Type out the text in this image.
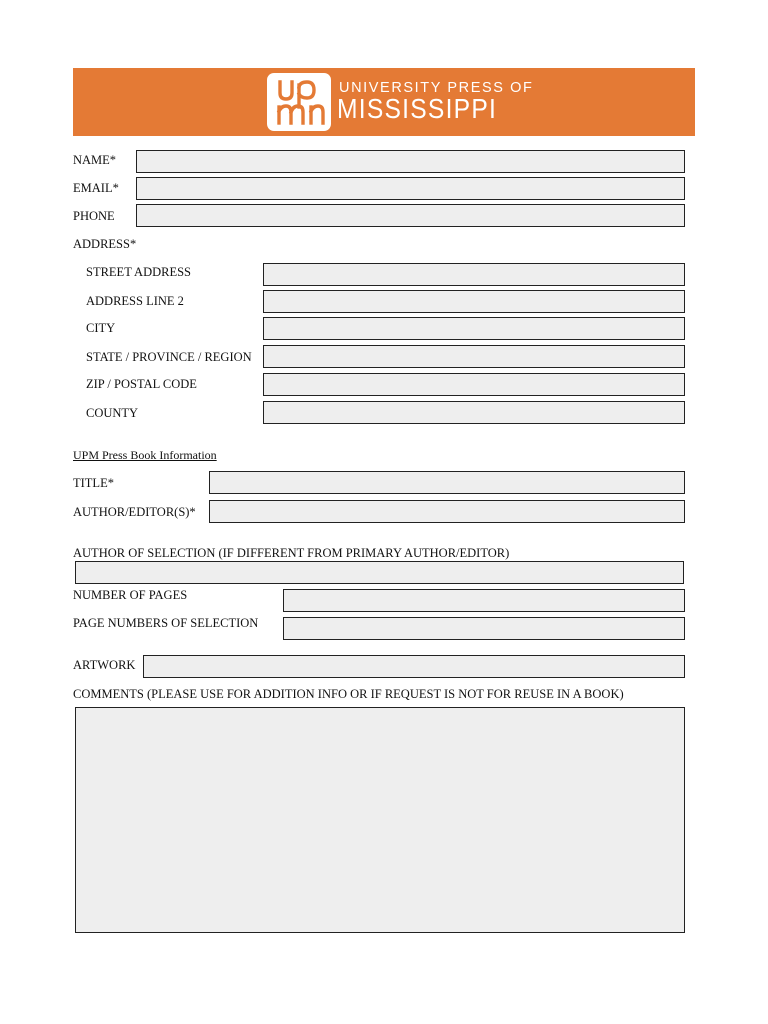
UNIVERSITY PRESS OF
MISSISSIPPI
NAME*
EMAIL*
PHONE
ADDRESS*
STREET ADDRESS
ADDRESS LINE 2
CITY
STATE / PROVINCE / REGION
ZIP / POSTAL CODE
COUNTY
UPM Press Book Information
TITLE*
AUTHOR/EDITOR(S)*
AUTHOR OF SELECTION (IF DIFFERENT FROM PRIMARY AUTHOR/EDITOR)
NUMBER OF PAGES
PAGE NUMBERS OF SELECTION
ARTWORK
COMMENTS (PLEASE USE FOR ADDITION INFO OR IF REQUEST IS NOT FOR REUSE IN A BOOK)
